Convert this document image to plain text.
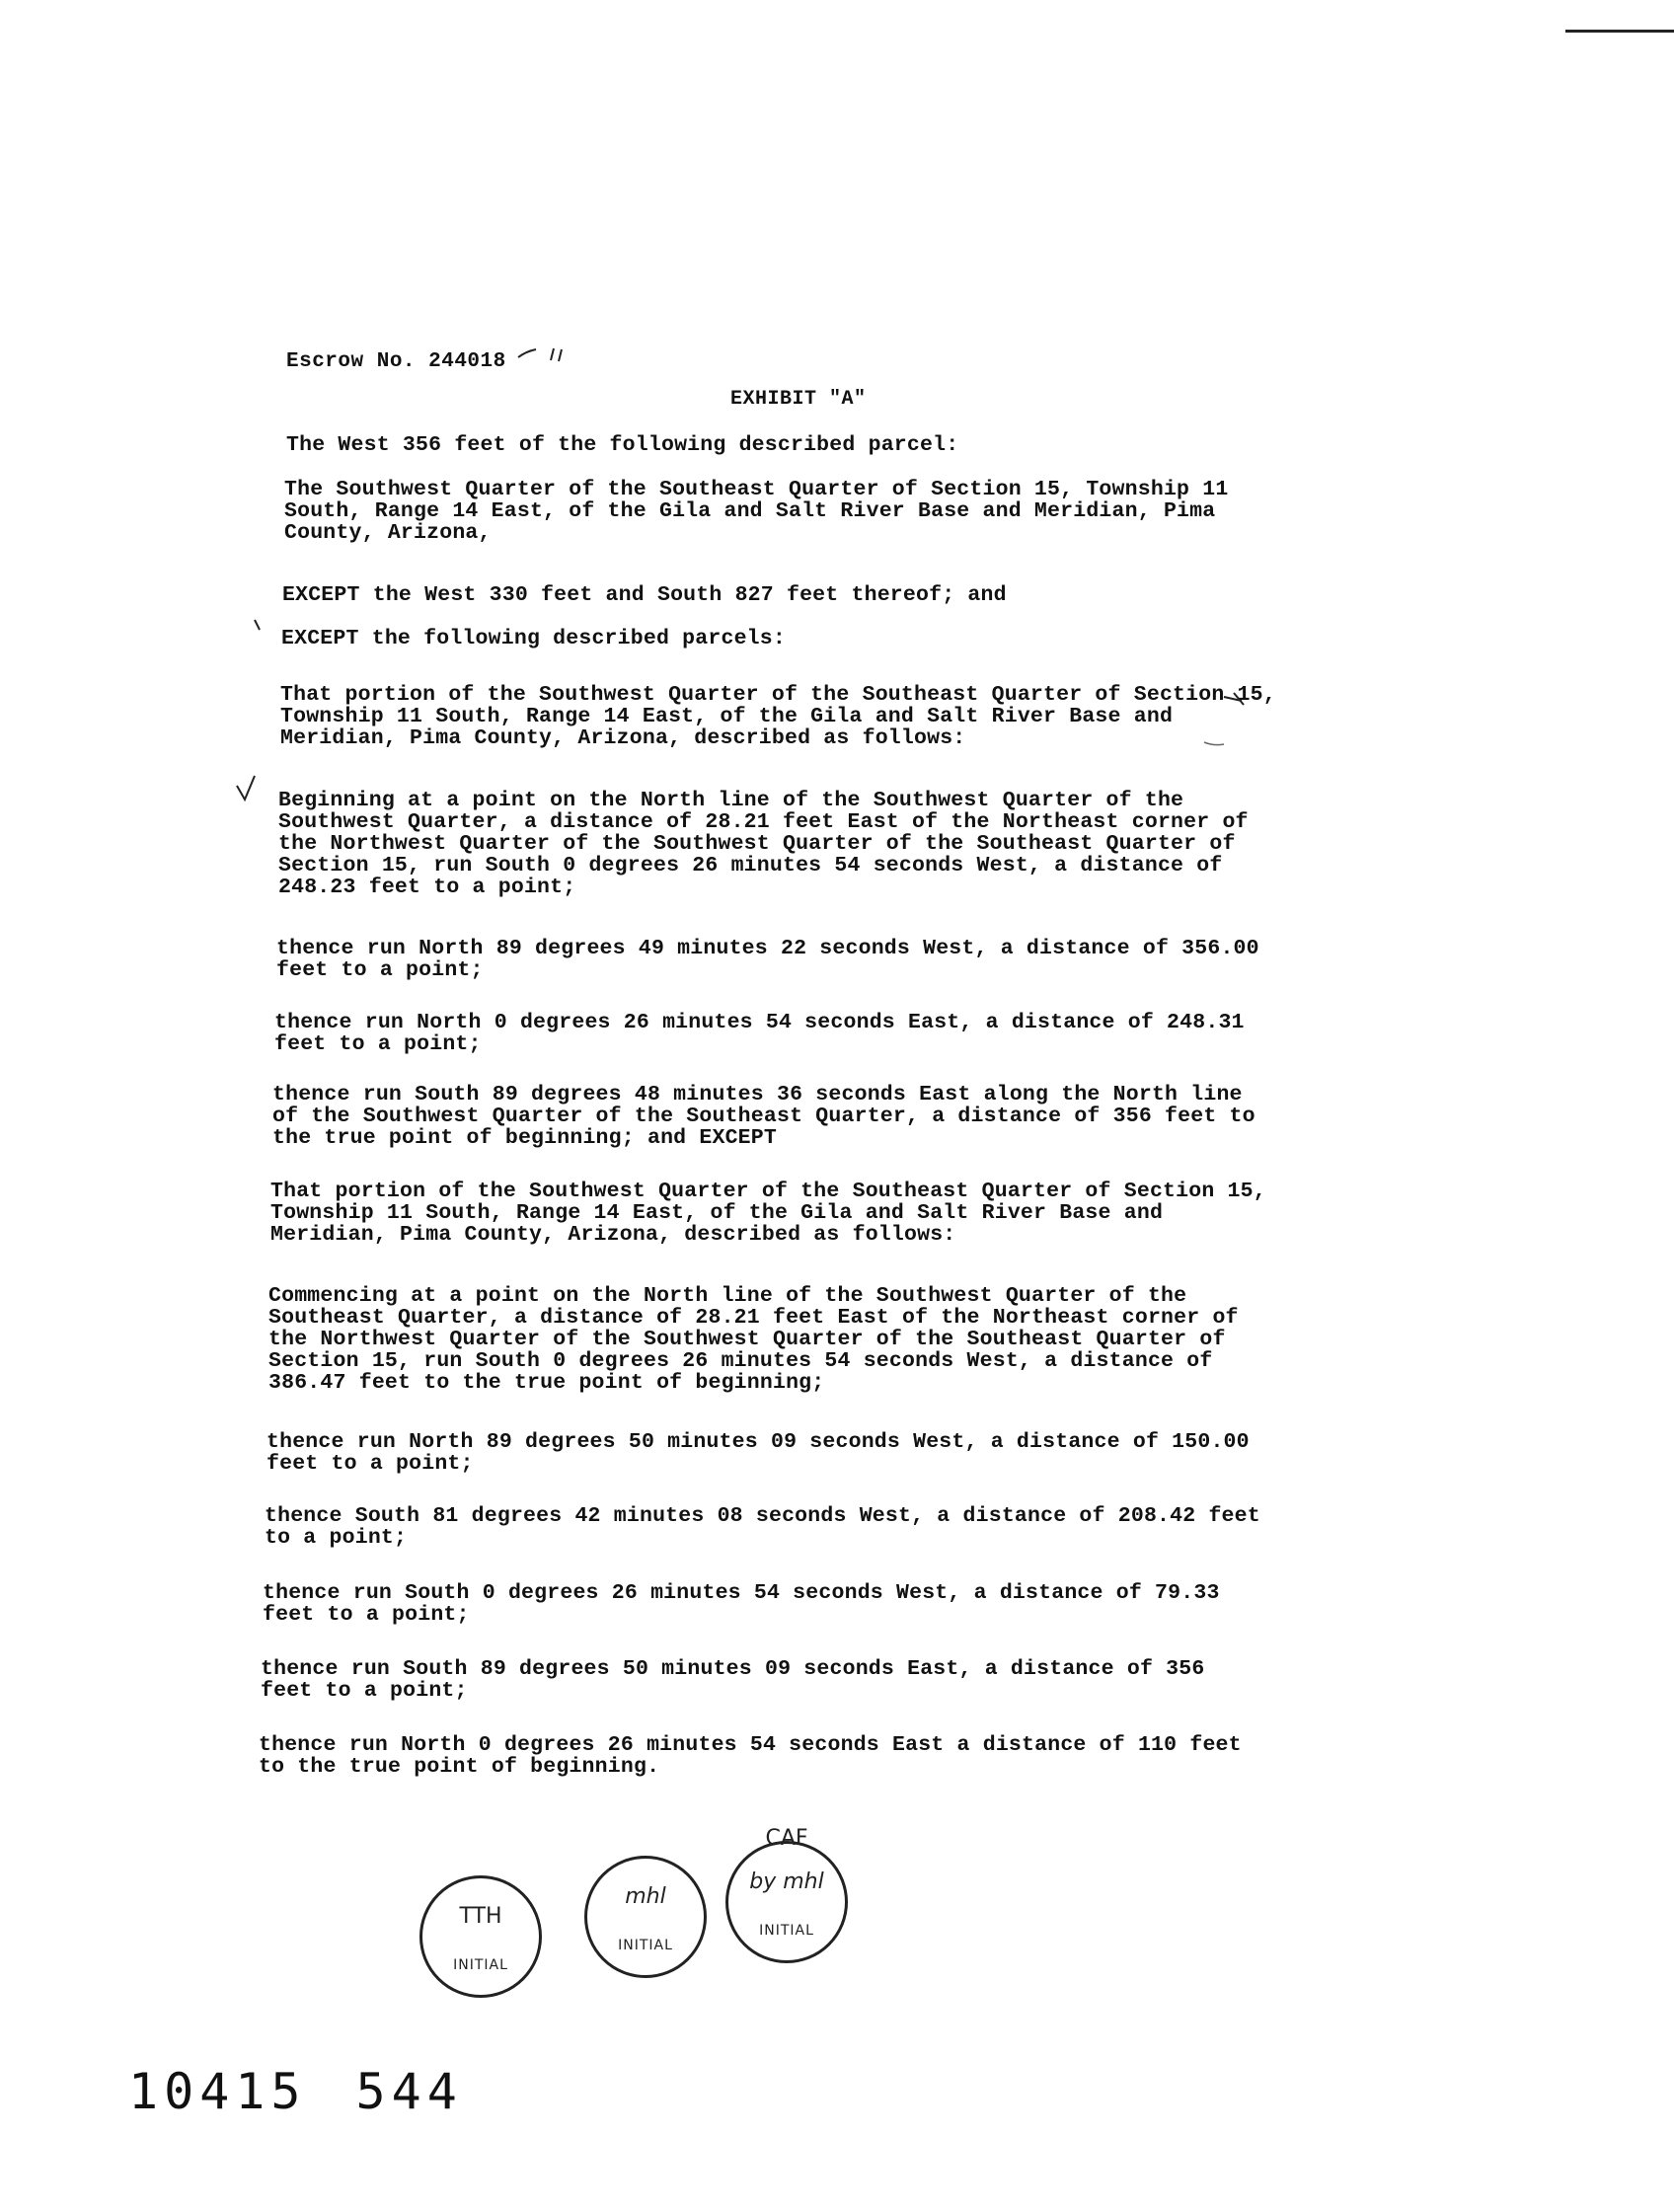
Escrow No. 244018
EXHIBIT "A"
The West 356 feet of the following described parcel:
The Southwest Quarter of the Southeast Quarter of Section 15, Township 11
South, Range 14 East, of the Gila and Salt River Base and Meridian, Pima
County, Arizona,
EXCEPT the West 330 feet and South 827 feet thereof; and
EXCEPT the following described parcels:
That portion of the Southwest Quarter of the Southeast Quarter of Section 15,
Township 11 South, Range 14 East, of the Gila and Salt River Base and
Meridian, Pima County, Arizona, described as follows:
Beginning at a point on the North line of the Southwest Quarter of the
Southwest Quarter, a distance of 28.21 feet East of the Northeast corner of
the Northwest Quarter of the Southwest Quarter of the Southeast Quarter of
Section 15, run South 0 degrees 26 minutes 54 seconds West, a distance of
248.23 feet to a point;
thence run North 89 degrees 49 minutes 22 seconds West, a distance of 356.00
feet to a point;
thence run North 0 degrees 26 minutes 54 seconds East, a distance of 248.31
feet to a point;
thence run South 89 degrees 48 minutes 36 seconds East along the North line
of the Southwest Quarter of the Southeast Quarter, a distance of 356 feet to
the true point of beginning; and EXCEPT
That portion of the Southwest Quarter of the Southeast Quarter of Section 15,
Township 11 South, Range 14 East, of the Gila and Salt River Base and
Meridian, Pima County, Arizona, described as follows:
Commencing at a point on the North line of the Southwest Quarter of the
Southeast Quarter, a distance of 28.21 feet East of the Northeast corner of
the Northwest Quarter of the Southwest Quarter of the Southeast Quarter of
Section 15, run South 0 degrees 26 minutes 54 seconds West, a distance of
386.47 feet to the true point of beginning;
thence run North 89 degrees 50 minutes 09 seconds West, a distance of 150.00
feet to a point;
thence South 81 degrees 42 minutes 08 seconds West, a distance of 208.42 feet
to a point;
thence run South 0 degrees 26 minutes 54 seconds West, a distance of 79.33
feet to a point;
thence run South 89 degrees 50 minutes 09 seconds East, a distance of 356
feet to a point;
thence run North 0 degrees 26 minutes 54 seconds East a distance of 110 feet
to the true point of beginning.
TTH
INITIAL
mhl
INITIAL
CAF
by mhl
INITIAL
10415 544
